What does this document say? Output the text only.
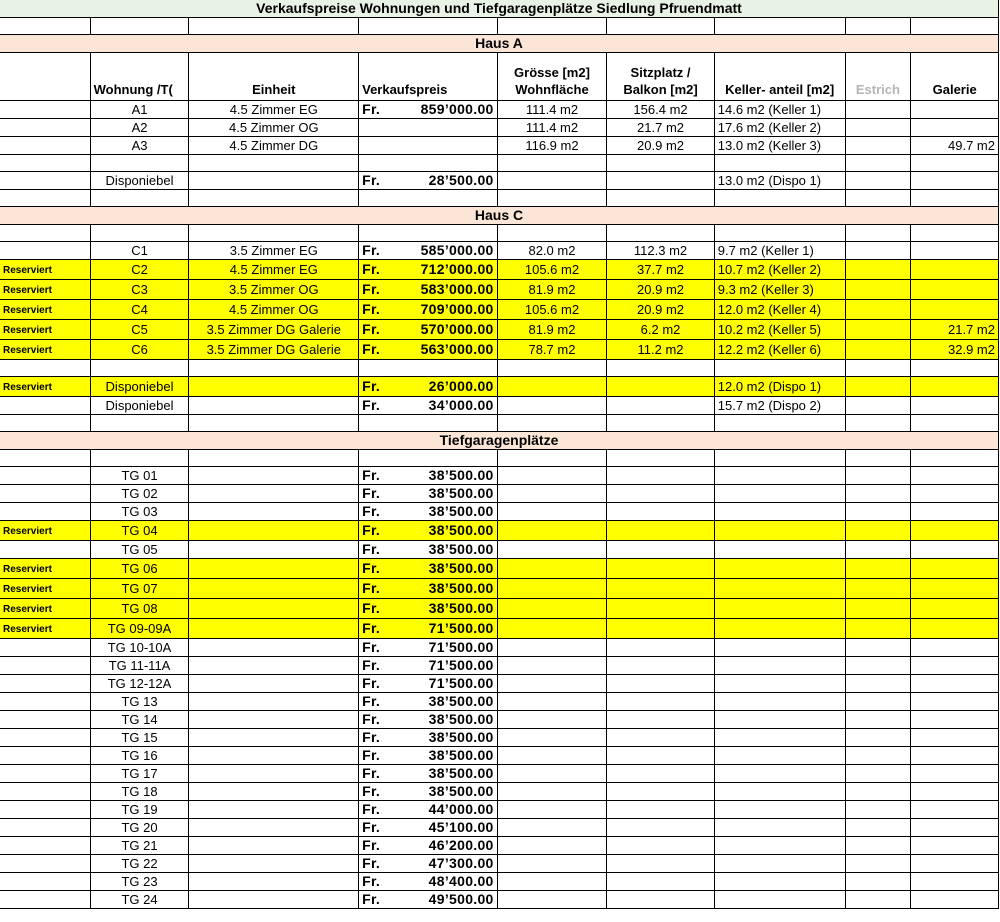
Verkaufspreise Wohnungen und Tiefgaragenplätze Siedlung Pfruendmatt								

Haus A								
	Wohnung /T(	Einheit	Verkaufspreis	Grösse [m2] Wohnfläche	Sitzplatz / Balkon [m2]	Keller- anteil [m2]	Estrich	Galerie
	A1	4.5 Zimmer EG	Fr. 859’000.00	111.4 m2	156.4 m2	14.6 m2 (Keller 1)		
	A2	4.5 Zimmer OG		111.4 m2	21.7 m2	17.6 m2 (Keller 2)		
	A3	4.5 Zimmer DG		116.9 m2	20.9 m2	13.0 m2 (Keller 3)		49.7 m2

	Disponiebel		Fr. 28’500.00			13.0 m2 (Dispo 1)		

Haus C								

	C1	3.5 Zimmer EG	Fr. 585’000.00	82.0 m2	112.3 m2	9.7 m2 (Keller 1)		
Reserviert	C2	4.5 Zimmer EG	Fr. 712’000.00	105.6 m2	37.7 m2	10.7 m2 (Keller 2)		
Reserviert	C3	3.5 Zimmer OG	Fr. 583’000.00	81.9 m2	20.9 m2	9.3 m2 (Keller 3)		
Reserviert	C4	4.5 Zimmer OG	Fr. 709’000.00	105.6 m2	20.9 m2	12.0 m2 (Keller 4)		
Reserviert	C5	3.5 Zimmer DG Galerie	Fr. 570’000.00	81.9 m2	6.2 m2	10.2 m2 (Keller 5)		21.7 m2
Reserviert	C6	3.5 Zimmer DG Galerie	Fr. 563’000.00	78.7 m2	11.2 m2	12.2 m2 (Keller 6)		32.9 m2

Reserviert	Disponiebel		Fr. 26’000.00			12.0 m2 (Dispo 1)		
	Disponiebel		Fr. 34’000.00			15.7 m2 (Dispo 2)		

Tiefgaragenplätze								

	TG 01		Fr. 38’500.00					

	TG 02		Fr. 38’500.00					

	TG 03		Fr. 38’500.00					

Reserviert	TG 04		Fr. 38’500.00					

	TG 05		Fr. 38’500.00					

Reserviert	TG 06		Fr. 38’500.00					

Reserviert	TG 07		Fr. 38’500.00					

Reserviert	TG 08		Fr. 38’500.00					

Reserviert	TG 09-09A		Fr. 71’500.00					

	TG 10-10A		Fr. 71’500.00					

	TG 11-11A		Fr. 71’500.00					

	TG 12-12A		Fr. 71’500.00					

	TG 13		Fr. 38’500.00					

	TG 14		Fr. 38’500.00					

	TG 15		Fr. 38’500.00					

	TG 16		Fr. 38’500.00					

	TG 17		Fr. 38’500.00					

	TG 18		Fr. 38’500.00					

	TG 19		Fr. 44’000.00					

	TG 20		Fr. 45’100.00					

	TG 21		Fr. 46’200.00					

	TG 22		Fr. 47’300.00					

	TG 23		Fr. 48’400.00					

	TG 24		Fr. 49’500.00					
